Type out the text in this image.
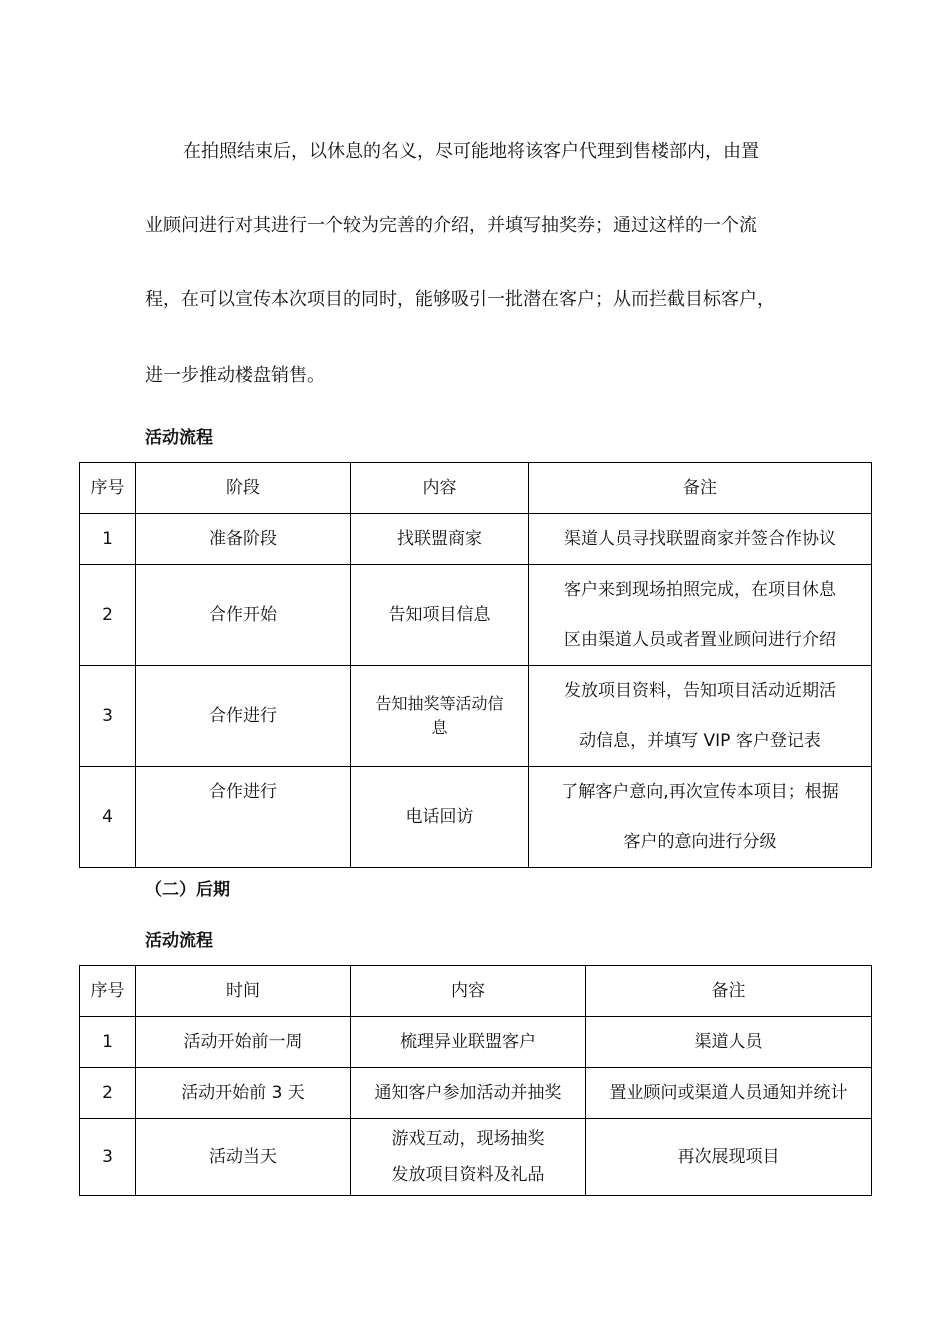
在拍照结束后，以休息的名义，尽可能地将该客户代理到售楼部内，由置
业顾问进行对其进行一个较为完善的介绍，并填写抽奖券；通过这样的一个流
程，在可以宣传本次项目的同时，能够吸引一批潜在客户；从而拦截目标客户，
进一步推动楼盘销售。
活动流程
序号	阶段	内容	备注
1	准备阶段	找联盟商家	渠道人员寻找联盟商家并签合作协议
2	合作开始	告知项目信息	客户来到现场拍照完成，在项目休息
区由渠道人员或者置业顾问进行介绍

3	合作进行	告知抽奖等活动信息	发放项目资料，告知项目活动近期活
动信息，并填写 VIP 客户登记表

4	合作进行	电话回访	了解客户意向,再次宣传本项目；根据
客户的意向进行分级
（二）后期
活动流程
序号	时间	内容	备注
1	活动开始前一周	梳理异业联盟客户	渠道人员
2	活动开始前 3 天	通知客户参加活动并抽奖	置业顾问或渠道人员通知并统计
3	活动当天	游戏互动，现场抽奖
发放项目资料及礼品	再次展现项目
